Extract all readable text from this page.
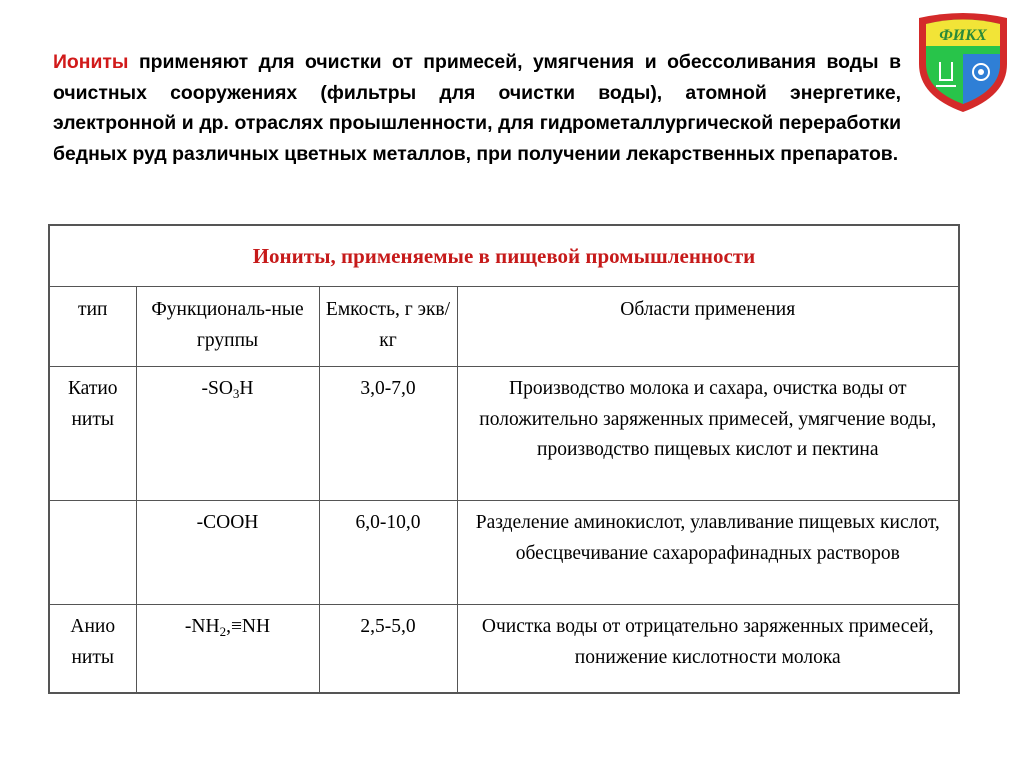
Иониты применяют для очистки от примесей, умягчения и обессоливания воды в очистных сооружениях (фильтры для очистки воды), атомной энергетике, электронной и др. отраслях проышленности, для гидрометаллургической переработки бедных руд различных цветных металлов, при получении лекарственных препаратов.

ФИКХ
Иониты, применяемые в пищевой промышленности			
тип	Функциональ-ные группы	Емкость, г экв/кг	Области применения
Катио ниты	$-SO_3H$	3,0-7,0	Производство молока и сахара, очистка воды от положительно заряженных примесей, умягчение воды, производство пищевых кислот и пектина
	-COOH	6,0-10,0	Разделение аминокислот, улавливание пищевых кислот, обесцвечивание сахарорафинадных растворов
Анио ниты	$-NH_2,\equiv NH$	2,5-5,0	Очистка воды от отрицательно заряженных примесей, понижение кислотности молока
